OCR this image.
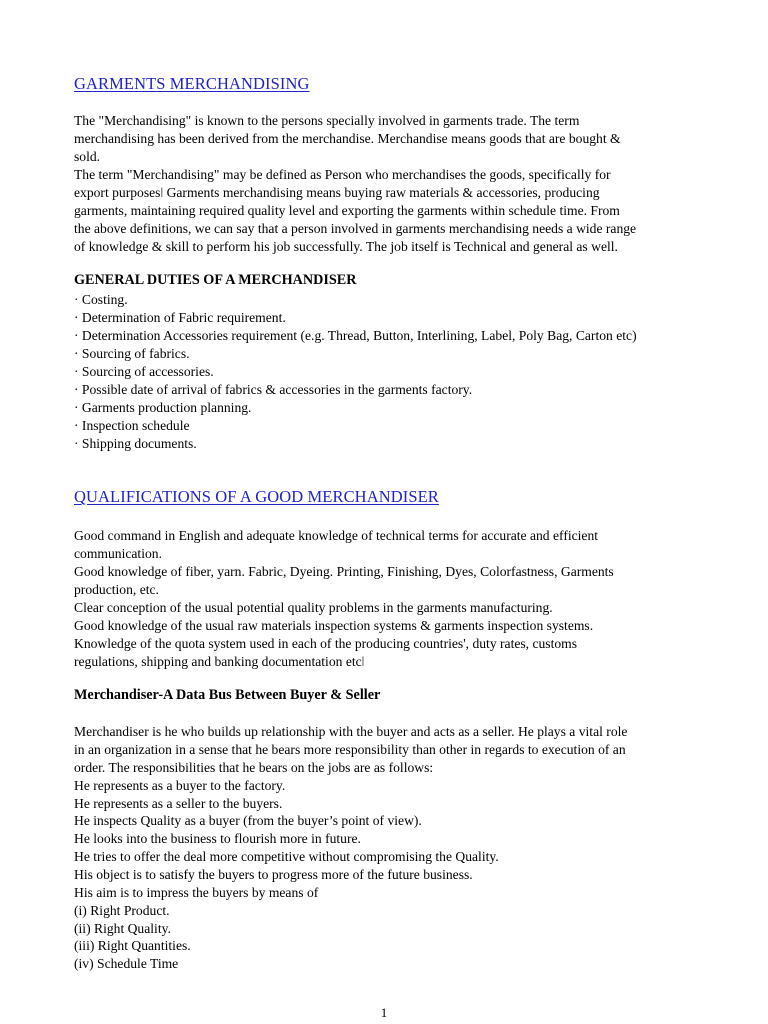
GARMENTS MERCHANDISING
The "Merchandising" is known to the persons specially involved in garments trade. The term
merchandising has been derived from the merchandise. Merchandise means goods that are bought &
sold.
The term "Merchandising" may be defined as Person who merchandises the goods, specifically for
export purposesǀ Garments merchandising means buying raw materials & accessories, producing
garments, maintaining required quality level and exporting the garments within schedule time. From
the above definitions, we can say that a person involved in garments merchandising needs a wide range
of knowledge & skill to perform his job successfully. The job itself is Technical and general as well.
GENERAL DUTIES OF A MERCHANDISER
· Costing.
· Determination of Fabric requirement.
· Determination Accessories requirement (e.g. Thread, Button, Interlining, Label, Poly Bag, Carton etc)
· Sourcing of fabrics.
· Sourcing of accessories.
· Possible date of arrival of fabrics & accessories in the garments factory.
· Garments production planning.
· Inspection schedule
· Shipping documents.
QUALIFICATIONS OF A GOOD MERCHANDISER
Good command in English and adequate knowledge of technical terms for accurate and efficient
communication.
Good knowledge of fiber, yarn. Fabric, Dyeing. Printing, Finishing, Dyes, Colorfastness, Garments
production, etc.
Clear conception of the usual potential quality problems in the garments manufacturing.
Good knowledge of the usual raw materials inspection systems & garments inspection systems.
Knowledge of the quota system used in each of the producing countries', duty rates, customs
regulations, shipping and banking documentation etcǀ
Merchandiser-A Data Bus Between Buyer & Seller
Merchandiser is he who builds up relationship with the buyer and acts as a seller. He plays a vital role
in an organization in a sense that he bears more responsibility than other in regards to execution of an
order. The responsibilities that he bears on the jobs are as follows:
He represents as a buyer to the factory.
He represents as a seller to the buyers.
He inspects Quality as a buyer (from the buyer’s point of view).
He looks into the business to flourish more in future.
He tries to offer the deal more competitive without compromising the Quality.
His object is to satisfy the buyers to progress more of the future business.
His aim is to impress the buyers by means of
(i) Right Product.
(ii) Right Quality.
(iii) Right Quantities.
(iv) Schedule Time
1
